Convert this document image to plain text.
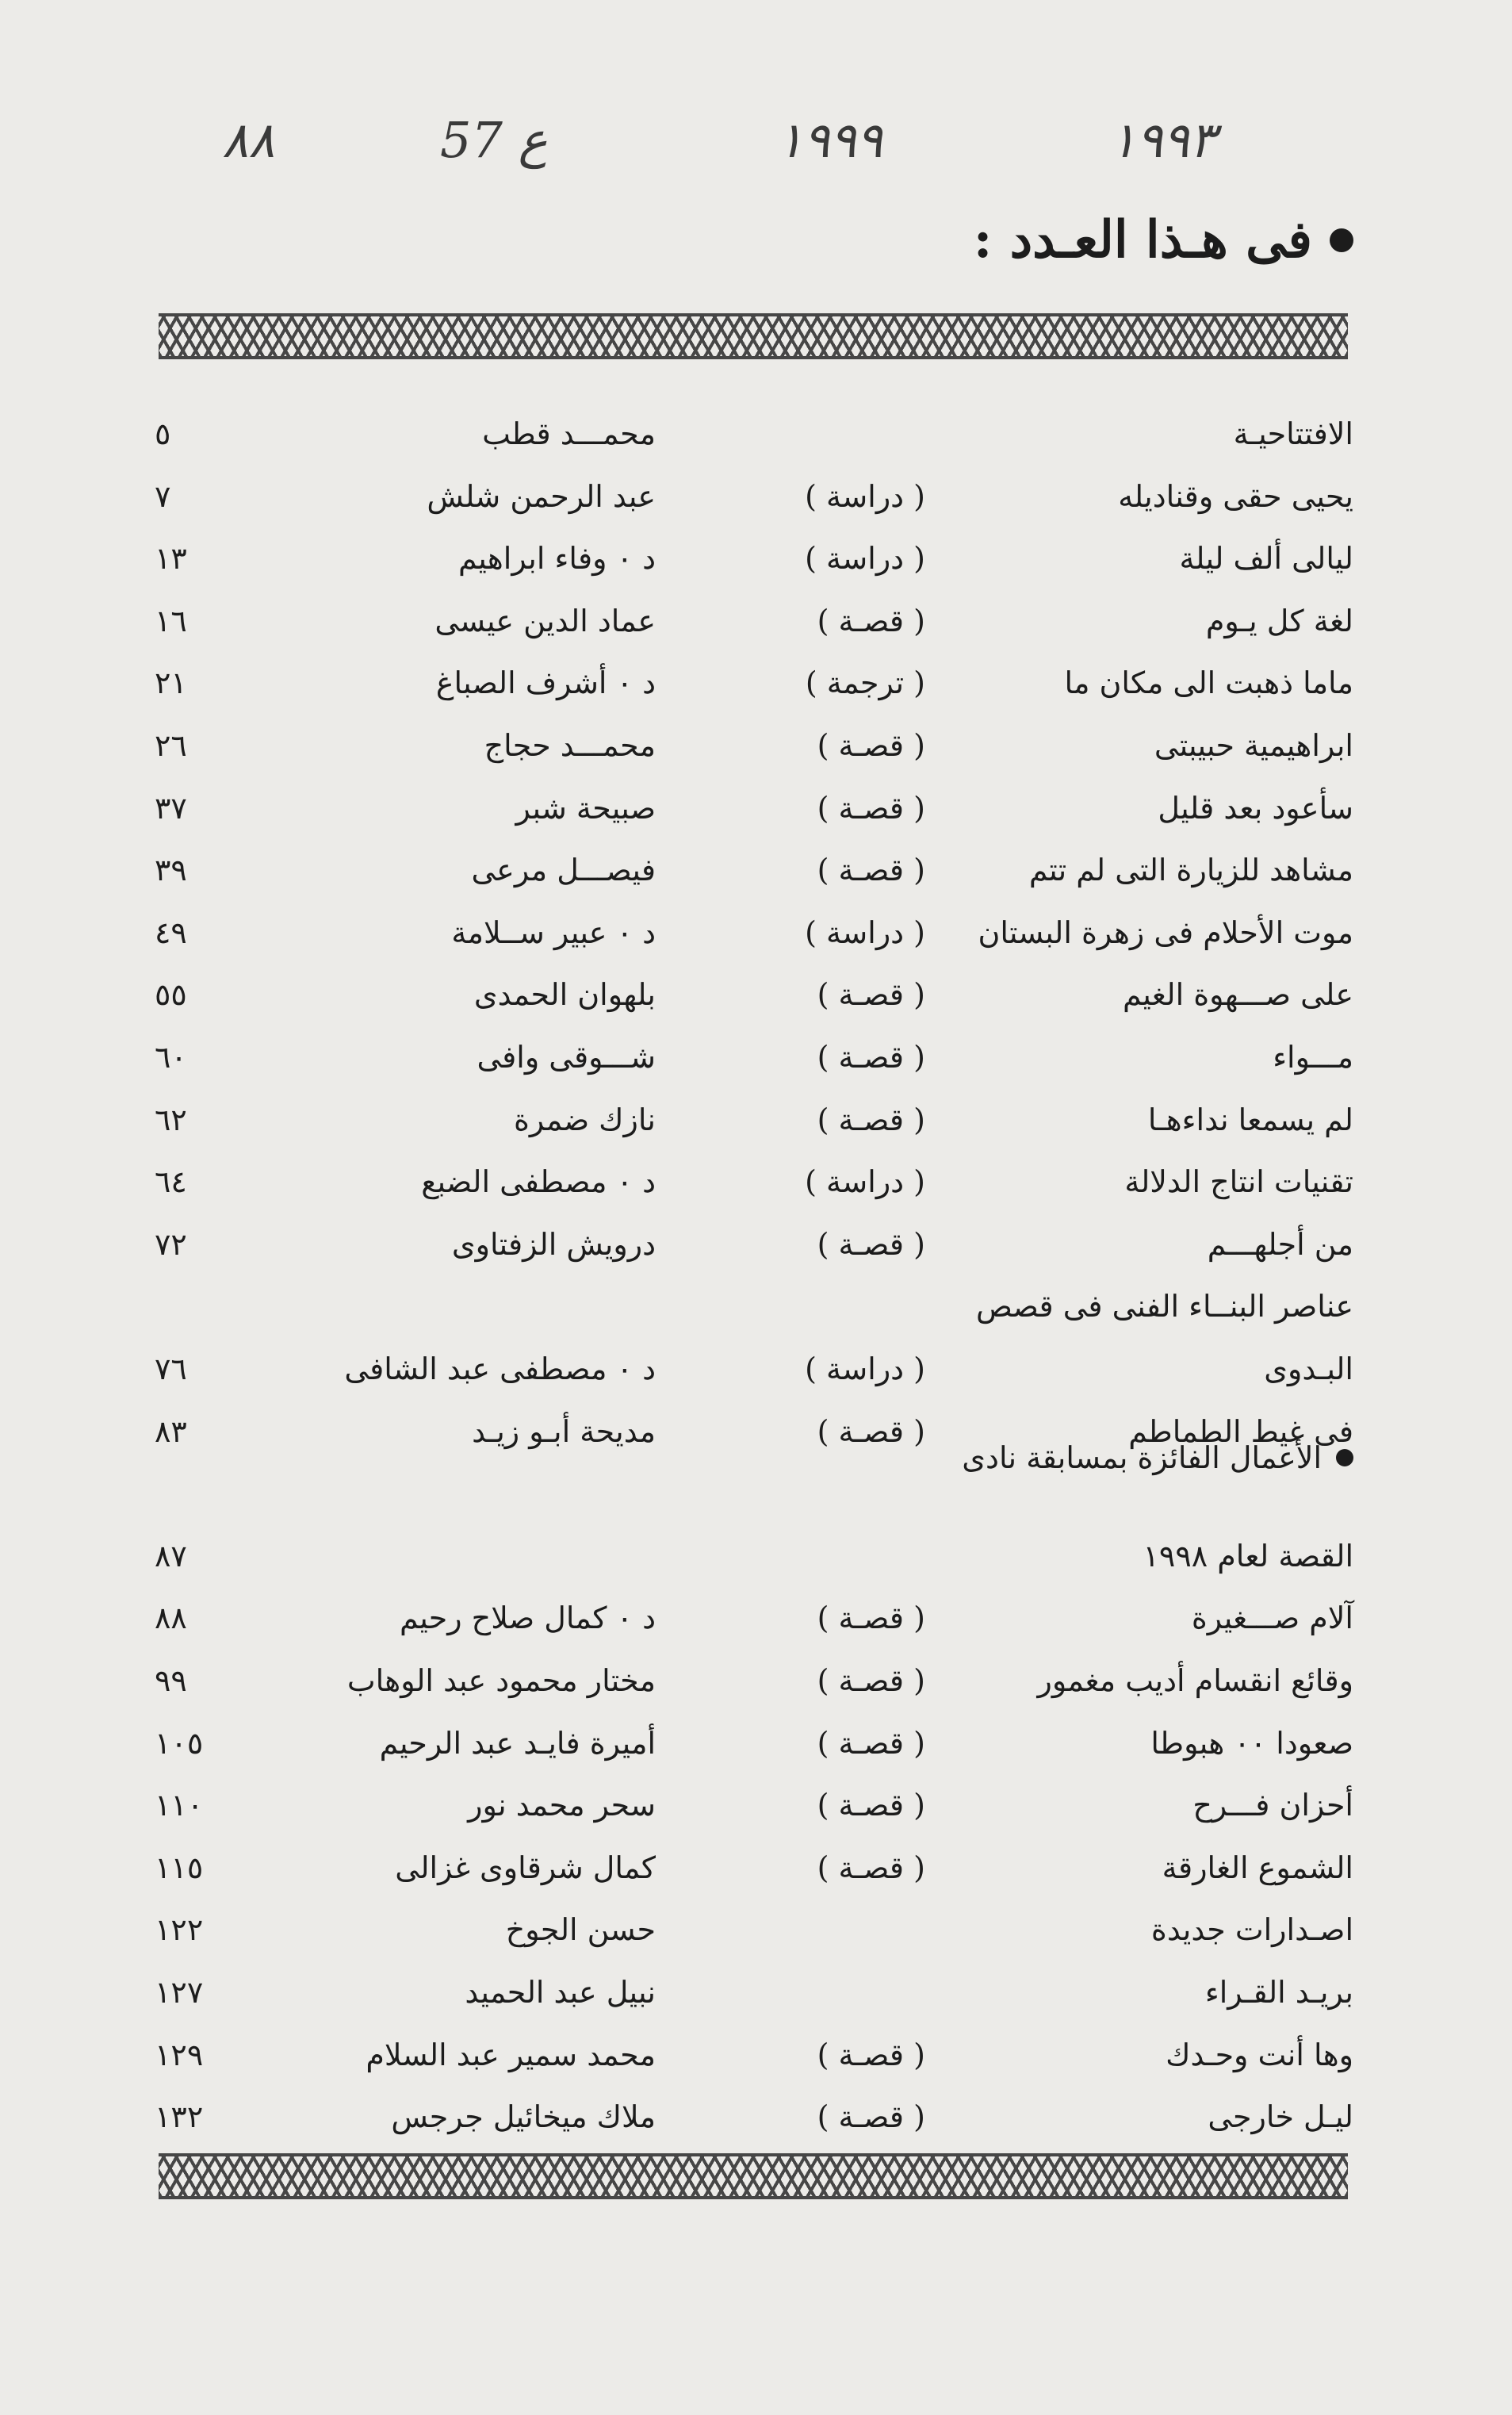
١٩٩٣
١٩٩٩
ع 57
٨٨
فى هـذا العـدد :
الافتتاحيـة
محمـــد قطب
٥
يحيى حقى وقناديله
( دراسة )
عبد الرحمن شلش
٧
ليالى ألف ليلة
( دراسة )
د ٠ وفاء ابراهيم
١٣
لغة كل يـوم
( قصـة )
عماد الدين عيسى
١٦
ماما ذهبت الى مكان ما
( ترجمة )
د ٠ أشرف الصباغ
٢١
ابراهيمية حبيبتى
( قصـة )
محمـــد حجاج
٢٦
سأعود بعد قليل
( قصـة )
صبيحة شبر
٣٧
مشاهد للزيارة التى لم تتم
( قصـة )
فيصـــل مرعى
٣٩
موت الأحلام فى زهرة البستان
( دراسة )
د ٠ عبير ســلامة
٤٩
على صـــهوة الغيم
( قصـة )
بلهوان الحمدى
٥٥
مـــواء
( قصـة )
شـــوقى وافى
٦٠
لم يسمعا نداءهـا
( قصـة )
نازك ضمرة
٦٢
تقنيات انتاج الدلالة
( دراسة )
د ٠ مصطفى الضبع
٦٤
من أجلهـــم
( قصـة )
درويش الزفتاوى
٧٢
عناصر البنــاء الفنى فى قصص
البـدوى
( دراسة )
د ٠ مصطفى عبد الشافى
٧٦
فى غيط الطماطم
( قصـة )
مديحة أبـو زيـد
٨٣
القصة لعام ١٩٩٨
٨٧
آلام صـــغيرة
( قصـة )
د ٠ كمال صلاح رحيم
٨٨
وقائع انقسام أديب مغمور
( قصـة )
مختار محمود عبد الوهاب
٩٩
صعودا ٠٠ هبوطا
( قصـة )
أميرة فايـد عبد الرحيم
١٠٥
أحزان فـــرح
( قصـة )
سحر محمد نور
١١٠
الشموع الغارقة
( قصـة )
كمال شرقاوى غزالى
١١٥
اصـدارات جديدة
حسن الجوخ
١٢٢
بريـد القـراء
نبيل عبد الحميد
١٢٧
وها أنت وحـدك
( قصـة )
محمد سمير عبد السلام
١٢٩
ليـل خارجى
( قصـة )
ملاك ميخائيل جرجس
١٣٢
الأعمال الفائزة بمسابقة نادى
